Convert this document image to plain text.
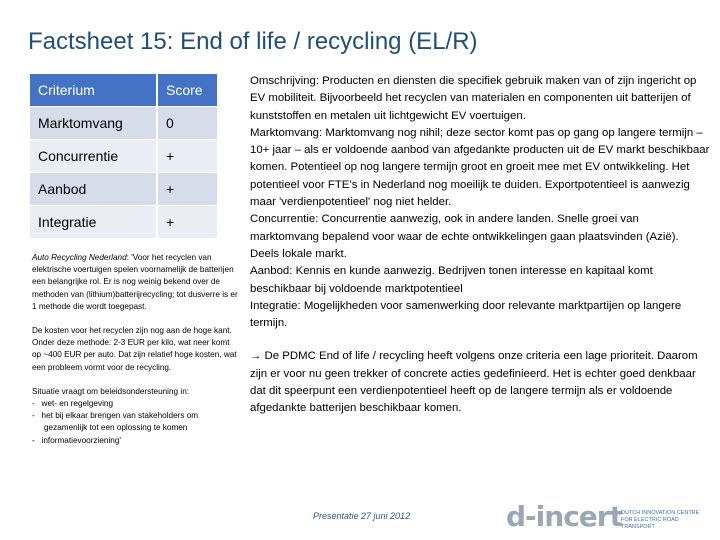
Factsheet 15: End of life / recycling (EL/R)
Criterium	Score
Marktomvang	0
Concurrentie	+
Aanbod	+
Integratie	+

Auto Recycling Nederland: 'Voor het recyclen van elektrische voertuigen spelen voornamelijk de batterijen een belangrijke rol. Er is nog weinig bekend over de methoden van (lithium)batterijrecycling; tot dusverre is er 1 methode die wordt toegepast.

De kosten voor het recyclen zijn nog aan de hoge kant. Onder deze methode: 2-3 EUR per kilo, wat neer komt op ~400 EUR per auto. Dat zijn relatief hoge kosten, wat een probleem vormt voor de recycling.

Situatie vraagt om beleidsondersteuning in:
-   wet- en regelgeving
-   het bij elkaar brengen van stakeholders om gezamenlijk tot een oplossing te komen
-   informatievoorziening'

Omschrijving: Producten en diensten die specifiek gebruik maken van of zijn ingericht op EV mobiliteit. Bijvoorbeeld het recyclen van materialen en componenten uit batterijen of kunststoffen en metalen uit lichtgewicht EV voertuigen.

Marktomvang: Marktomvang nog nihil; deze sector komt pas op gang op langere termijn – 10+ jaar – als er voldoende aanbod van afgedankte producten uit de EV markt beschikbaar komen. Potentieel op nog langere termijn groot en groeit mee met EV ontwikkeling. Het potentieel voor FTE’s in Nederland nog moeilijk te duiden. Exportpotentieel is aanwezig maar 'verdienpotentieel' nog niet helder.

Concurrentie: Concurrentie aanwezig, ook in andere landen. Snelle groei van marktomvang bepalend voor waar de echte ontwikkelingen gaan plaatsvinden (Azië). Deels lokale markt.

Aanbod: Kennis en kunde aanwezig. Bedrijven tonen interesse en kapitaal komt beschikbaar bij voldoende marktpotentieel

Integratie: Mogelijkheden voor samenwerking door relevante marktpartijen op langere termijn.

→ De PDMC End of life / recycling heeft volgens onze criteria een lage prioriteit. Daarom zijn er voor nu geen trekker of concrete acties gedefinieerd. Het is echter goed denkbaar dat dit speerpunt een verdienpotentieel heeft op de langere termijn als er voldoende afgedankte batterijen beschikbaar komen.

Presentatie 27 juni 2012	d-incert DUTCH INNOVATION CENTRE FOR ELECTRIC ROAD TRANSPORT
